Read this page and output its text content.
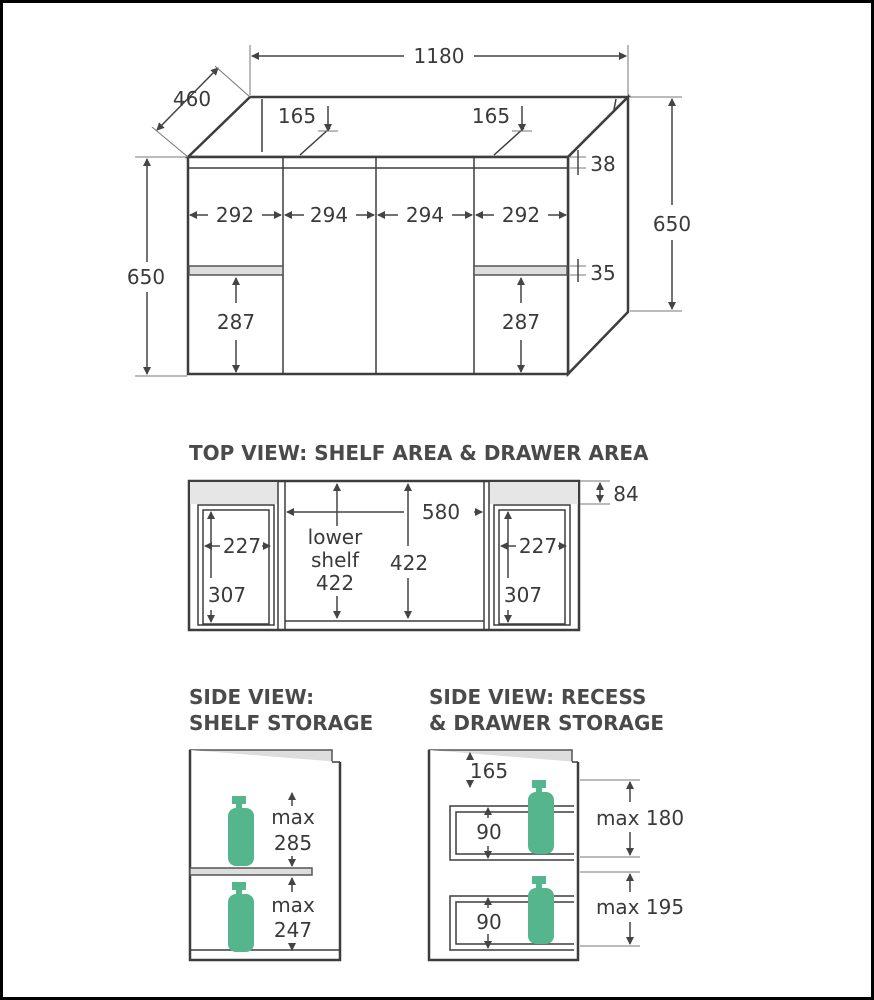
1180
460
650
650
165	165
38
35
292	294	294	292
287	287
TOP VIEW: SHELF AREA & DRAWER AREA
84
580
lower
shelf
422
422
227
307
227
307
SIDE VIEW:
SHELF STORAGE
max
285
max
247
SIDE VIEW: RECESS
& DRAWER STORAGE
165
90
90
max 180
max 195
